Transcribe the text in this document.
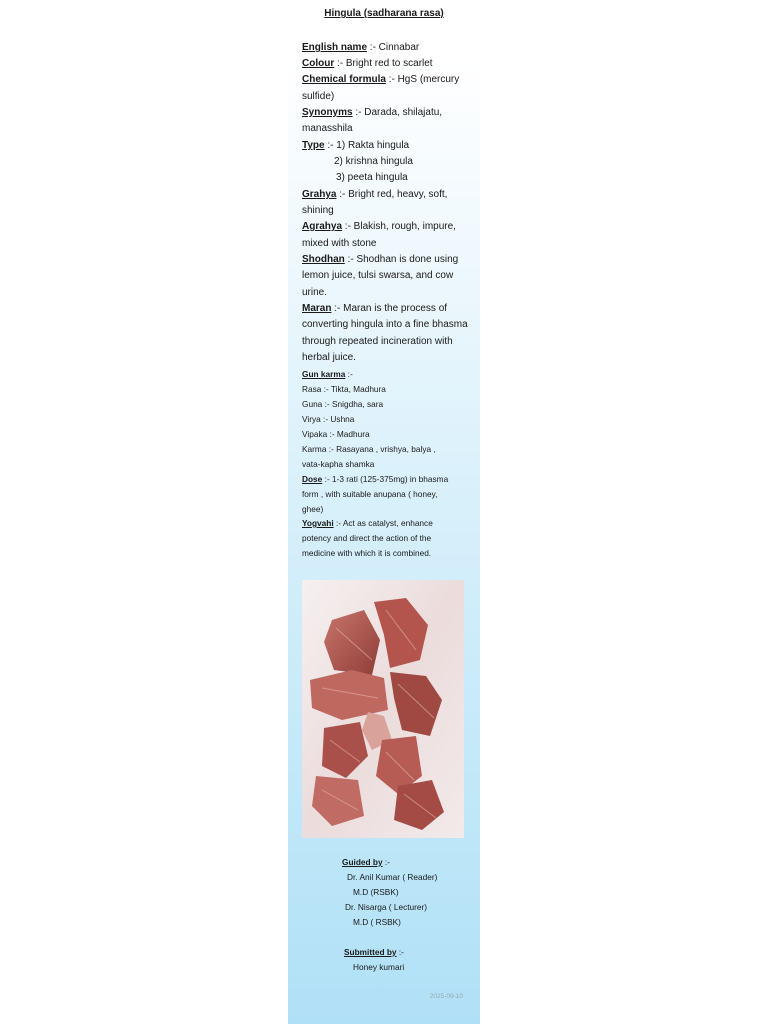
Hingula (sadharana rasa)
English name :- Cinnabar
Colour :- Bright red to scarlet
Chemical formula :- HgS (mercury
sulfide)
Synonyms :- Darada, shilajatu,
manasshila
Type :- 1) Rakta hingula
2) krishna hingula
3) peeta hingula
Grahya :- Bright red, heavy, soft,
shining
Agrahya :- Blakish, rough, impure,
mixed with stone
Shodhan :- Shodhan is done using
lemon juice, tulsi swarsa, and cow
urine.
Maran :- Maran is the process of
converting hingula into a fine bhasma
through repeated incineration with
herbal juice.
Gun karma :-
Rasa :- Tikta, Madhura
Guna :- Snigdha, sara
Virya :- Ushna
Vipaka :- Madhura
Karma :- Rasayana , vrishya, balya ,
vata-kapha shamka
Dose :- 1-3 rati (125-375mg) in bhasma
form , with suitable anupana ( honey,
ghee)
Yogvahi :- Act as catalyst, enhance
potency and direct the action of the
medicine with which it is combined.
Guided by :-
Dr. Anil Kumar ( Reader)
M.D (RSBK)
Dr. Nisarga ( Lecturer)
M.D ( RSBK)
Submitted by :-
Honey kumari
2025-09-10
